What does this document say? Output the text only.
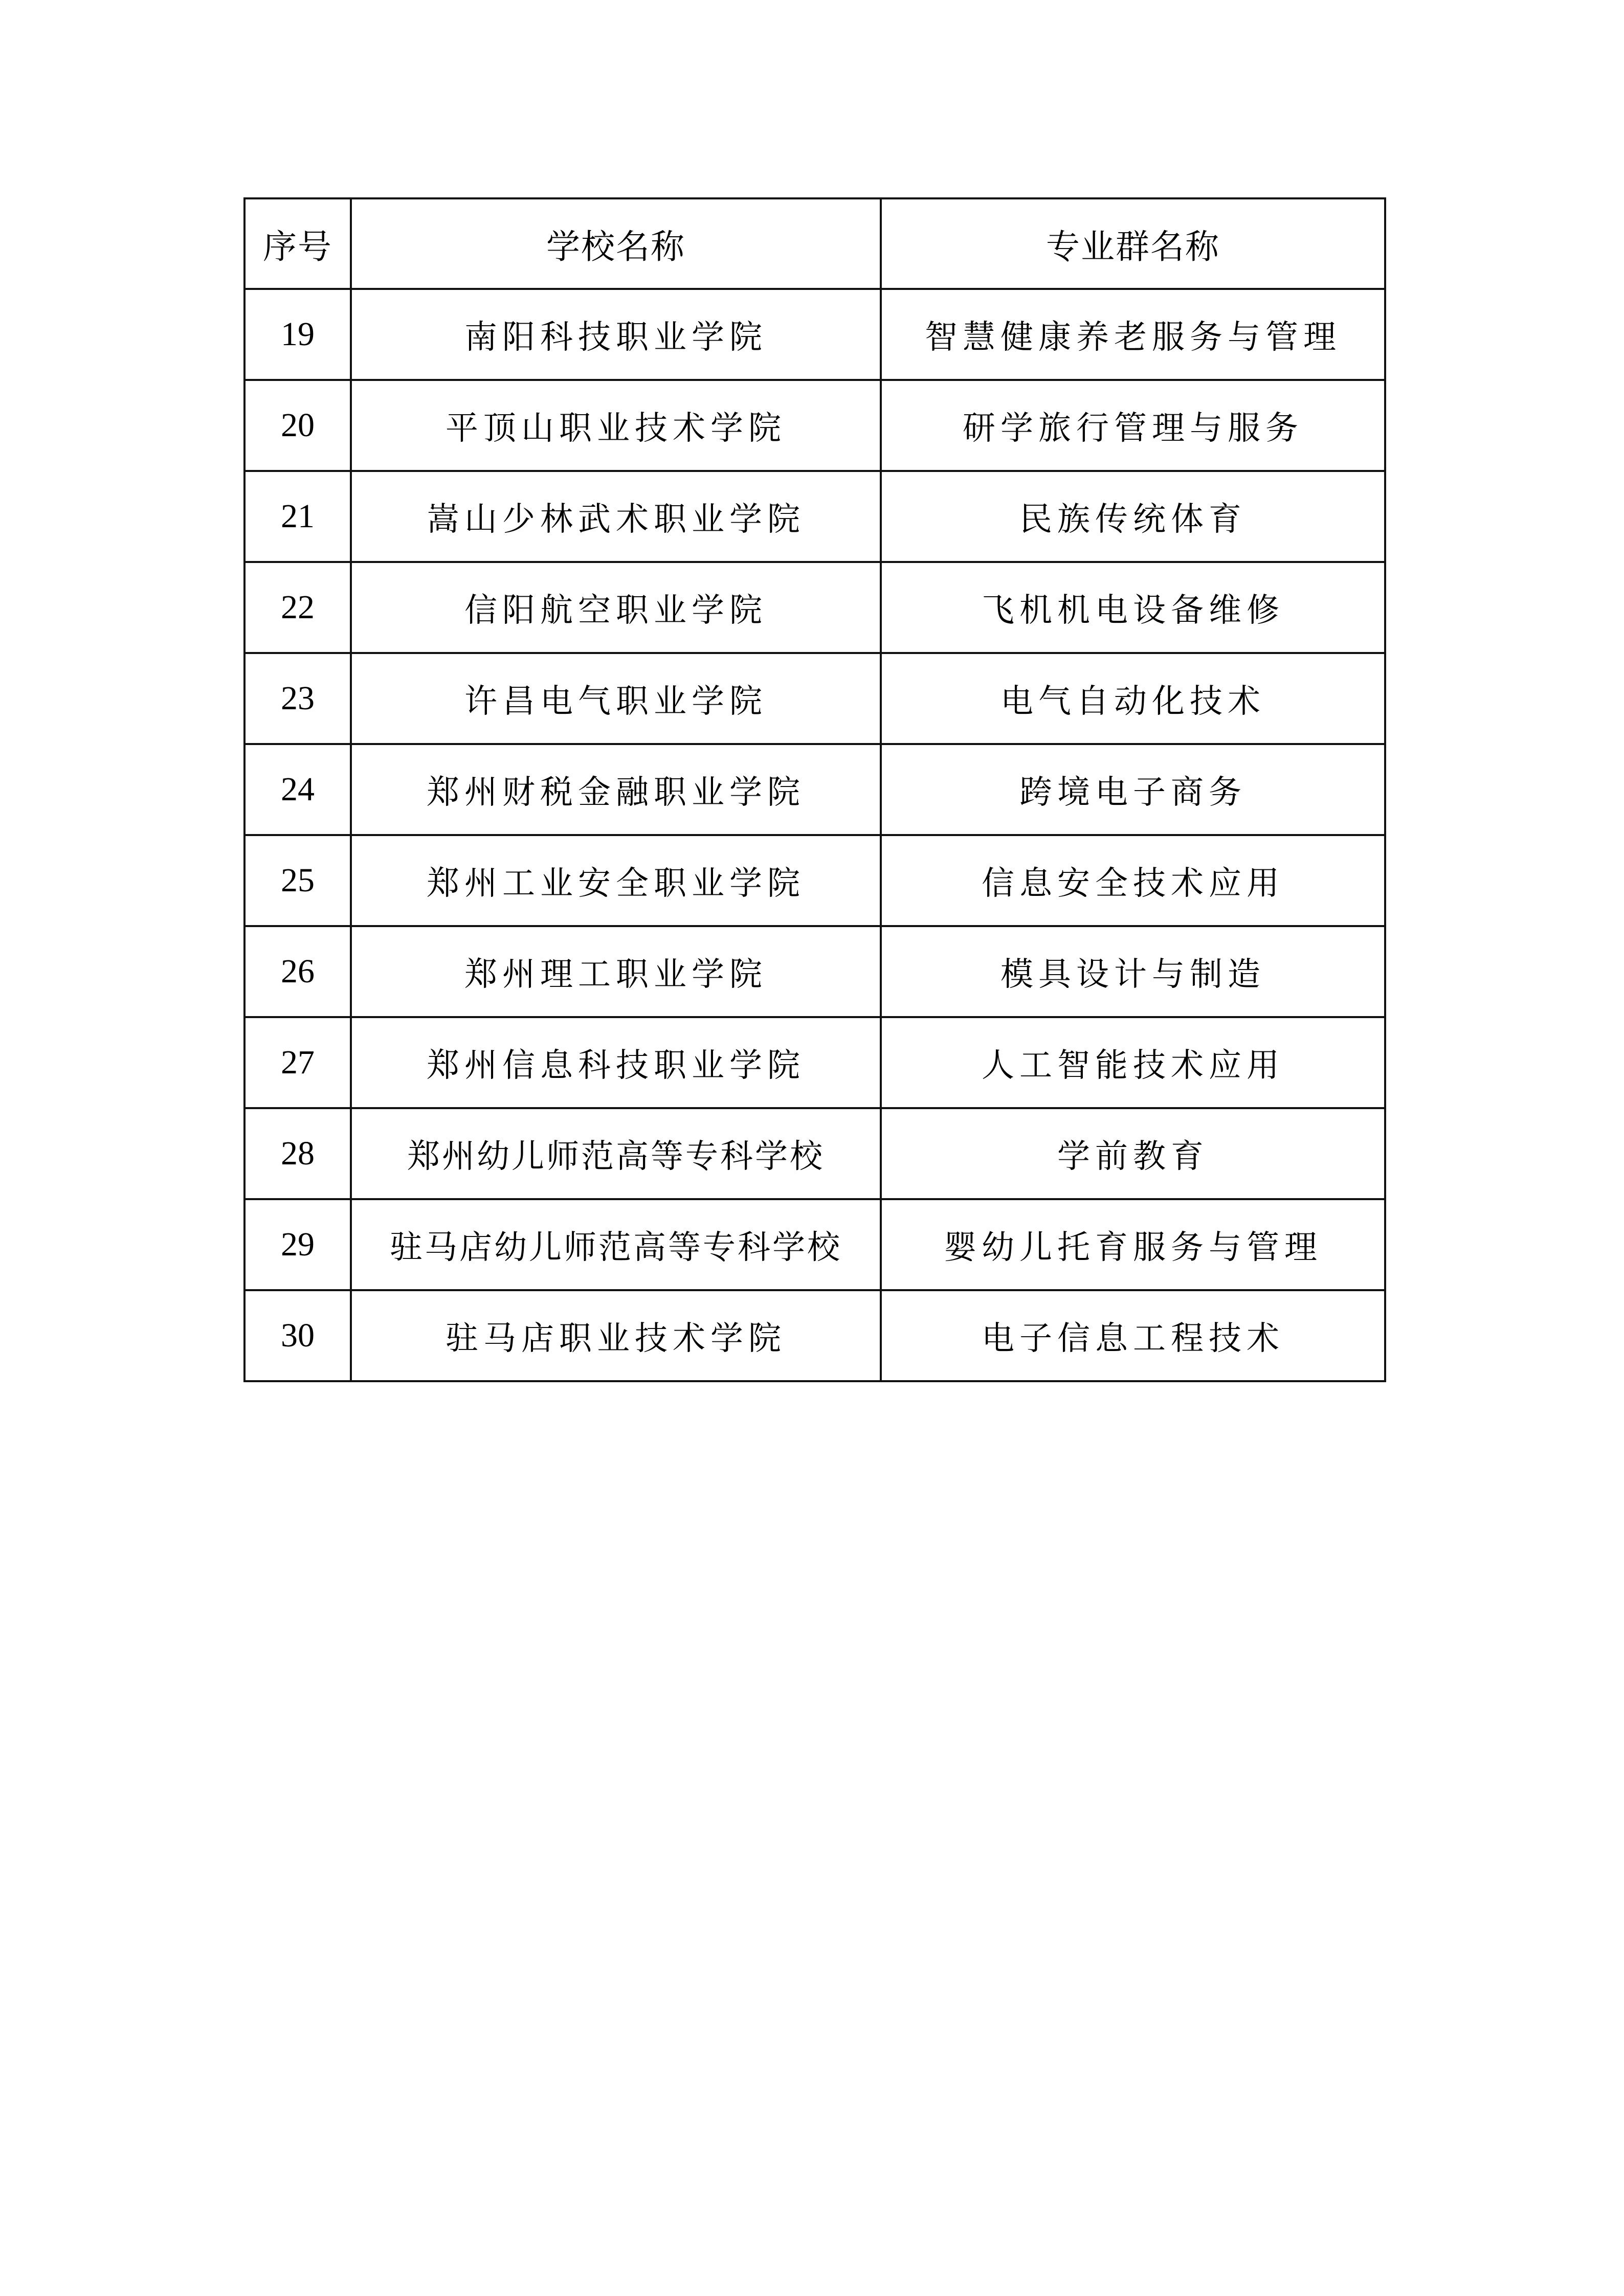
序号	学校名称	专业群名称
19	南阳科技职业学院	智慧健康养老服务与管理
20	平顶山职业技术学院	研学旅行管理与服务
21	嵩山少林武术职业学院	民族传统体育
22	信阳航空职业学院	飞机机电设备维修
23	许昌电气职业学院	电气自动化技术
24	郑州财税金融职业学院	跨境电子商务
25	郑州工业安全职业学院	信息安全技术应用
26	郑州理工职业学院	模具设计与制造
27	郑州信息科技职业学院	人工智能技术应用
28	郑州幼儿师范高等专科学校	学前教育
29	驻马店幼儿师范高等专科学校	婴幼儿托育服务与管理
30	驻马店职业技术学院	电子信息工程技术
